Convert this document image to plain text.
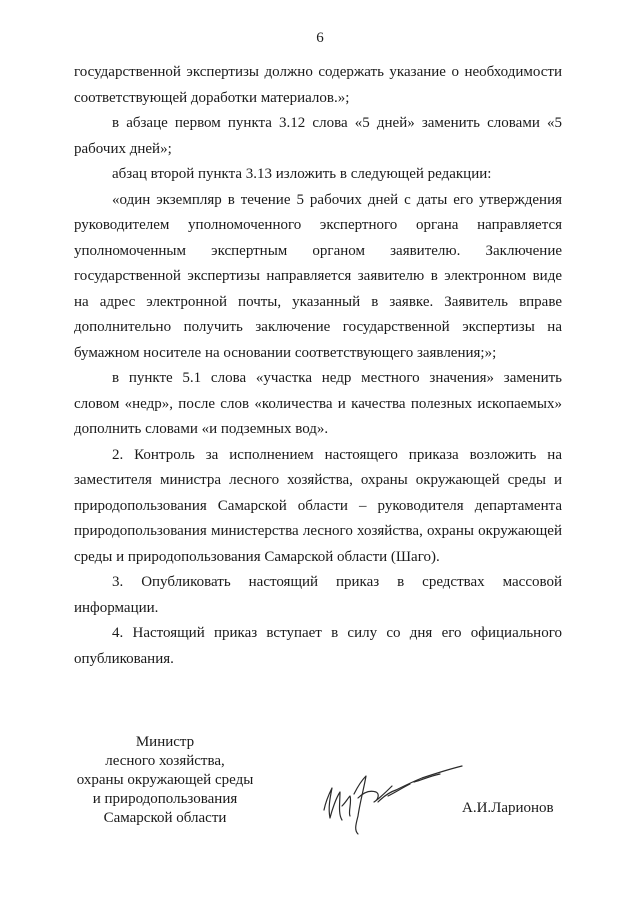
6

государственной экспертизы должно содержать указание о необходимости соответствующей доработки материалов.»;

в абзаце первом пункта 3.12 слова «5 дней» заменить словами «5 рабочих дней»;

абзац второй пункта 3.13 изложить в следующей редакции:

«один экземпляр в течение 5 рабочих дней с даты его утверждения руководителем уполномоченного экспертного органа направляется уполномоченным экспертным органом заявителю. Заключение государственной экспертизы направляется заявителю в электронном виде на адрес электронной почты, указанный в заявке. Заявитель вправе дополнительно получить заключение государственной экспертизы на бумажном носителе на основании соответствующего заявления;»;

в пункте 5.1 слова «участка недр местного значения» заменить словом «недр», после слов «количества и качества полезных ископаемых» дополнить словами «и подземных вод».

2. Контроль за исполнением настоящего приказа возложить на заместителя министра лесного хозяйства, охраны окружающей среды и природопользования Самарской области – руководителя департамента природопользования министерства лесного хозяйства, охраны окружающей среды и природопользования Самарской области (Шаго).

3. Опубликовать настоящий приказ в средствах массовой информации.

4. Настоящий приказ вступает в силу со дня его официального опубликования.

Министр
лесного хозяйства,
охраны окружающей среды
и природопользования
Самарской области
А.И.Ларионов
